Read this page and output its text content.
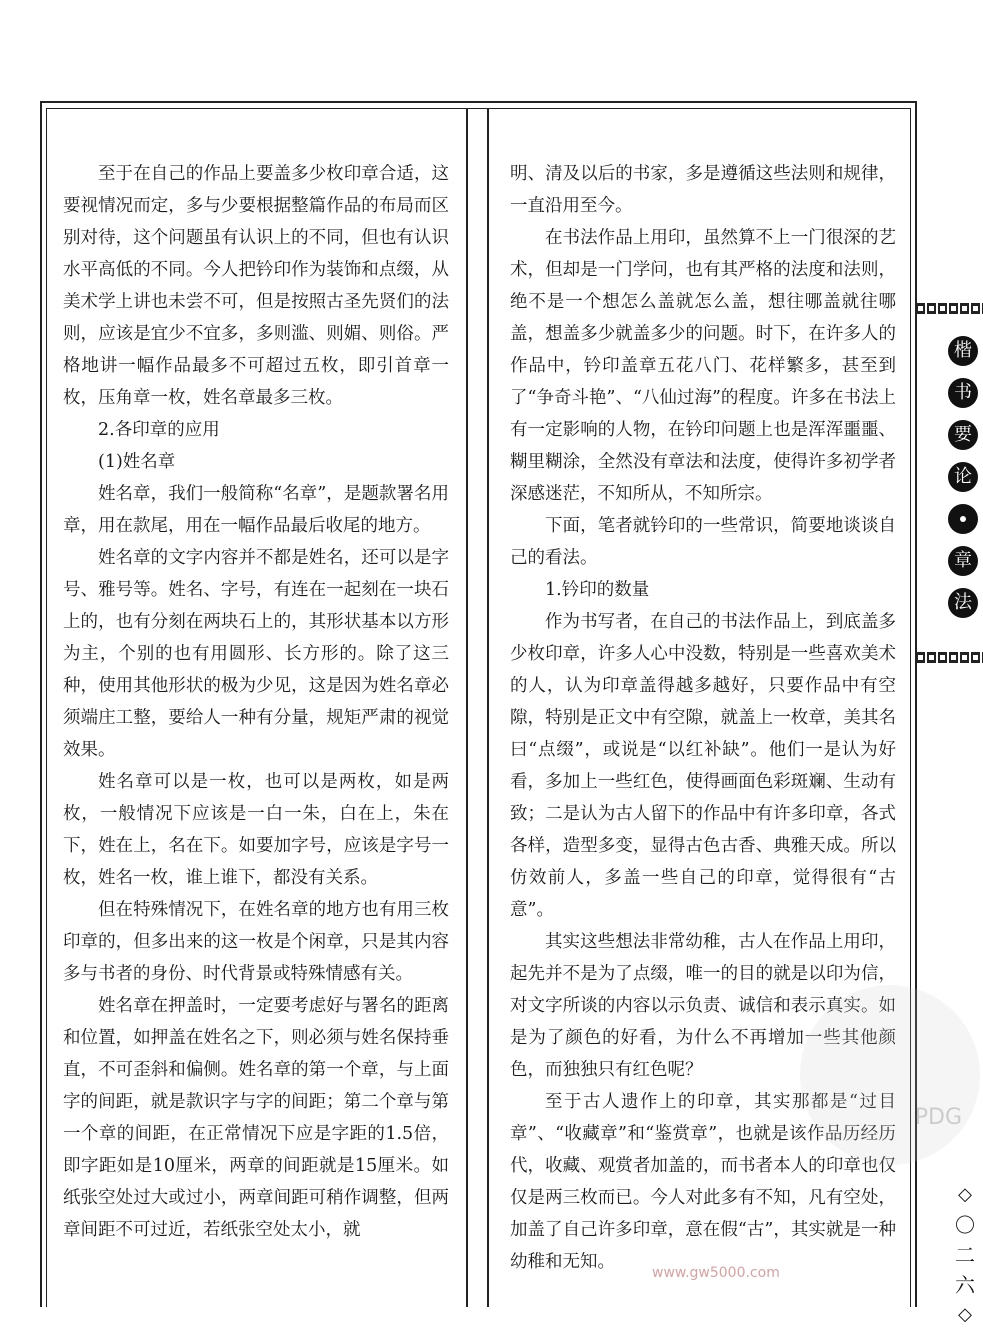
至于在自己的作品上要盖多少枚印章合适，这要视情况而定，多与少要根据整篇作品的布局而区别对待，这个问题虽有认识上的不同，但也有认识水平高低的不同。今人把钤印作为装饰和点缀，从美术学上讲也未尝不可，但是按照古圣先贤们的法则，应该是宜少不宜多，多则滥、则媚、则俗。严格地讲一幅作品最多不可超过五枚，即引首章一枚，压角章一枚，姓名章最多三枚。

2.各印章的应用

(1)姓名章

姓名章，我们一般简称“名章”，是题款署名用章，用在款尾，用在一幅作品最后收尾的地方。

姓名章的文字内容并不都是姓名，还可以是字号、雅号等。姓名、字号，有连在一起刻在一块石上的，也有分刻在两块石上的，其形状基本以方形为主，个别的也有用圆形、长方形的。除了这三种，使用其他形状的极为少见，这是因为姓名章必须端庄工整，要给人一种有分量，规矩严肃的视觉效果。

姓名章可以是一枚，也可以是两枚，如是两枚，一般情况下应该是一白一朱，白在上，朱在下，姓在上，名在下。如要加字号，应该是字号一枚，姓名一枚，谁上谁下，都没有关系。

但在特殊情况下，在姓名章的地方也有用三枚印章的，但多出来的这一枚是个闲章，只是其内容多与书者的身份、时代背景或特殊情感有关。

姓名章在押盖时，一定要考虑好与署名的距离和位置，如押盖在姓名之下，则必须与姓名保持垂直，不可歪斜和偏侧。姓名章的第一个章，与上面字的间距，就是款识字与字的间距；第二个章与第一个章的间距，在正常情况下应是字距的1.5倍，即字距如是10厘米，两章的间距就是15厘米。如纸张空处过大或过小，两章间距可稍作调整，但两章间距不可过近，若纸张空处太小，就

明、清及以后的书家，多是遵循这些法则和规律，一直沿用至今。

在书法作品上用印，虽然算不上一门很深的艺术，但却是一门学问，也有其严格的法度和法则，绝不是一个想怎么盖就怎么盖，想往哪盖就往哪盖，想盖多少就盖多少的问题。时下，在许多人的作品中，钤印盖章五花八门、花样繁多，甚至到了“争奇斗艳”、“八仙过海”的程度。许多在书法上有一定影响的人物，在钤印问题上也是浑浑噩噩、糊里糊涂，全然没有章法和法度，使得许多初学者深感迷茫，不知所从，不知所宗。

下面，笔者就钤印的一些常识，简要地谈谈自己的看法。

1.钤印的数量

作为书写者，在自己的书法作品上，到底盖多少枚印章，许多人心中没数，特别是一些喜欢美术的人，认为印章盖得越多越好，只要作品中有空隙，特别是正文中有空隙，就盖上一枚章，美其名曰“点缀”，或说是“以红补缺”。他们一是认为好看，多加上一些红色，使得画面色彩斑斓、生动有致；二是认为古人留下的作品中有许多印章，各式各样，造型多变，显得古色古香、典雅天成。所以仿效前人，多盖一些自己的印章，觉得很有“古意”。

其实这些想法非常幼稚，古人在作品上用印，起先并不是为了点缀，唯一的目的就是以印为信，对文字所谈的内容以示负责、诚信和表示真实。如是为了颜色的好看，为什么不再增加一些其他颜色，而独独只有红色呢？

至于古人遗作上的印章，其实那都是“过目章”、“收藏章”和“鉴赏章”，也就是该作品历经历代，收藏、观赏者加盖的，而书者本人的印章也仅仅是两三枚而已。今人对此多有不知，凡有空处，加盖了自己许多印章，意在假“古”，其实就是一种幼稚和无知。

楷
书
要
论
章
法
◇
〇
二
六
◇
PDG
www.gw5000.com
